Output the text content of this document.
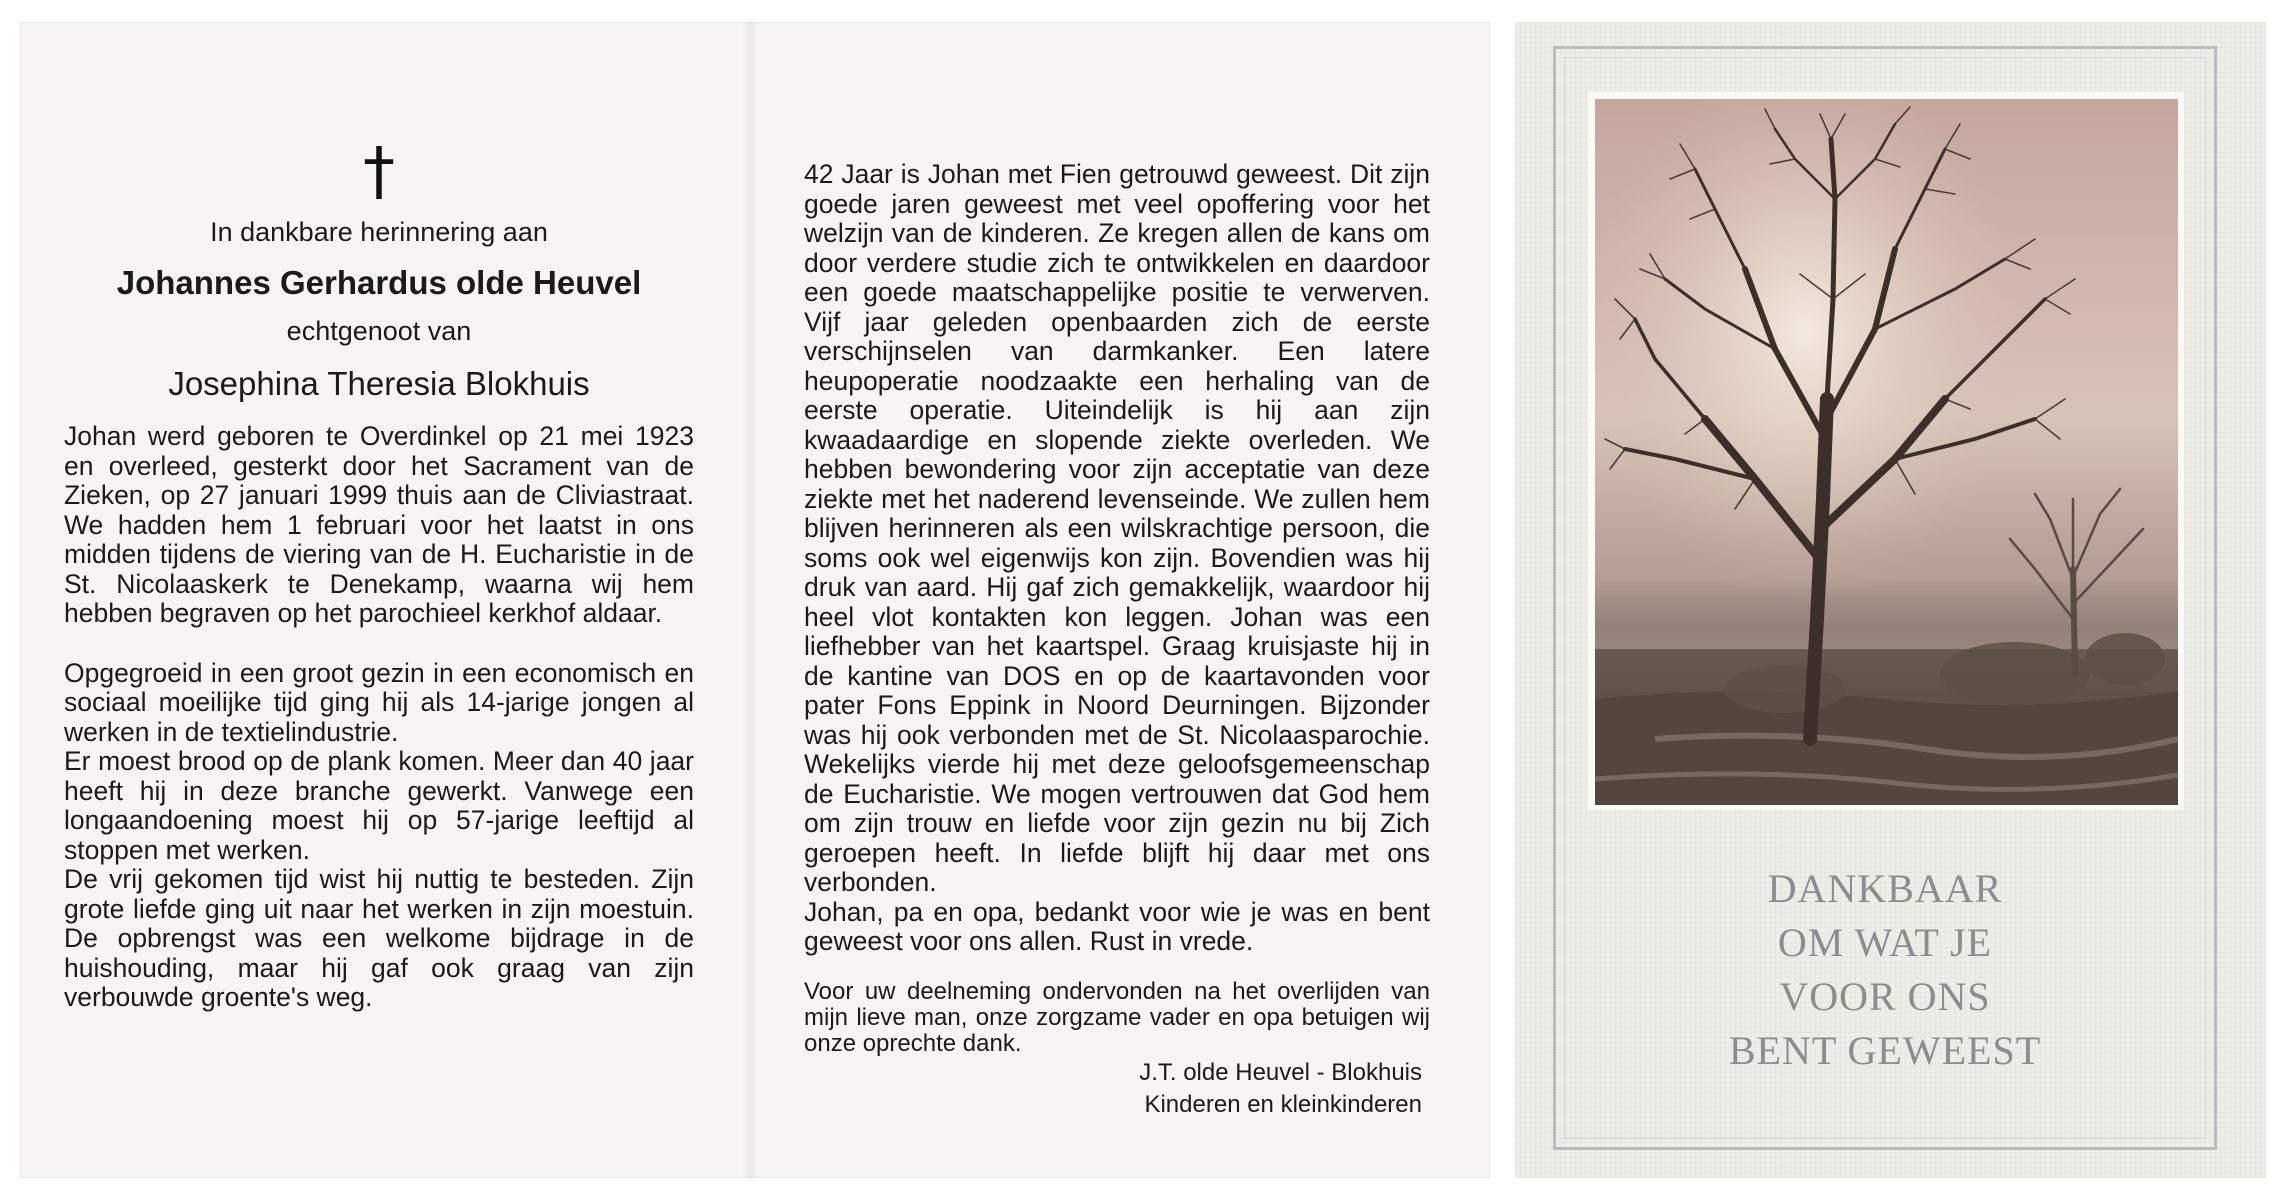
†
In dankbare herinnering aan
Johannes Gerhardus olde Heuvel
echtgenoot van
Josephina Theresia Blokhuis

Johan werd geboren te Overdinkel op 21 mei 1923 en overleed, gesterkt door het Sacrament van de Zieken, op 27 januari 1999 thuis aan de Cliviastraat. We hadden hem 1 februari voor het laatst in ons midden tijdens de viering van de H. Eucharistie in de St. Nicolaaskerk te Denekamp, waarna wij hem hebben begraven op het parochieel kerkhof aldaar.

Opgegroeid in een groot gezin in een economisch en sociaal moeilijke tijd ging hij als 14-jarige jongen al werken in de textielindustrie.

Er moest brood op de plank komen. Meer dan 40 jaar heeft hij in deze branche gewerkt. Vanwege een longaandoening moest hij op 57-jarige leeftijd al stoppen met werken.

De vrij gekomen tijd wist hij nuttig te besteden. Zijn grote liefde ging uit naar het werken in zijn moestuin. De opbrengst was een welkome bijdrage in de huishouding, maar hij gaf ook graag van zijn verbouwde groente's weg.

42 Jaar is Johan met Fien getrouwd geweest. Dit zijn goede jaren geweest met veel opoffering voor het welzijn van de kinderen. Ze kregen allen de kans om door verdere studie zich te ontwikkelen en daardoor een goede maatschappelijke positie te verwerven. Vijf jaar geleden openbaarden zich de eerste verschijnselen van darmkanker. Een latere heupoperatie noodzaakte een herhaling van de eerste operatie. Uiteindelijk is hij aan zijn kwaadaardige en slopende ziekte overleden. We hebben bewondering voor zijn acceptatie van deze ziekte met het naderend levenseinde. We zullen hem blijven herinneren als een wilskrachtige persoon, die soms ook wel eigenwijs kon zijn. Bovendien was hij druk van aard. Hij gaf zich gemakkelijk, waardoor hij heel vlot kontakten kon leggen. Johan was een liefhebber van het kaartspel. Graag kruisjaste hij in de kantine van DOS en op de kaartavonden voor pater Fons Eppink in Noord Deurningen. Bijzonder was hij ook verbonden met de St. Nicolaasparochie. Wekelijks vierde hij met deze geloofsgemeenschap de Eucharistie. We mogen vertrouwen dat God hem om zijn trouw en liefde voor zijn gezin nu bij Zich geroepen heeft. In liefde blijft hij daar met ons verbonden.

Johan, pa en opa, bedankt voor wie je was en bent geweest voor ons allen. Rust in vrede.

Voor uw deelneming ondervonden na het overlijden van mijn lieve man, onze zorgzame vader en opa betuigen wij onze oprechte dank.

J.T. olde Heuvel - Blokhuis
Kinderen en kleinkinderen
DANKBAAR
OM WAT JE
VOOR ONS
BENT GEWEEST
